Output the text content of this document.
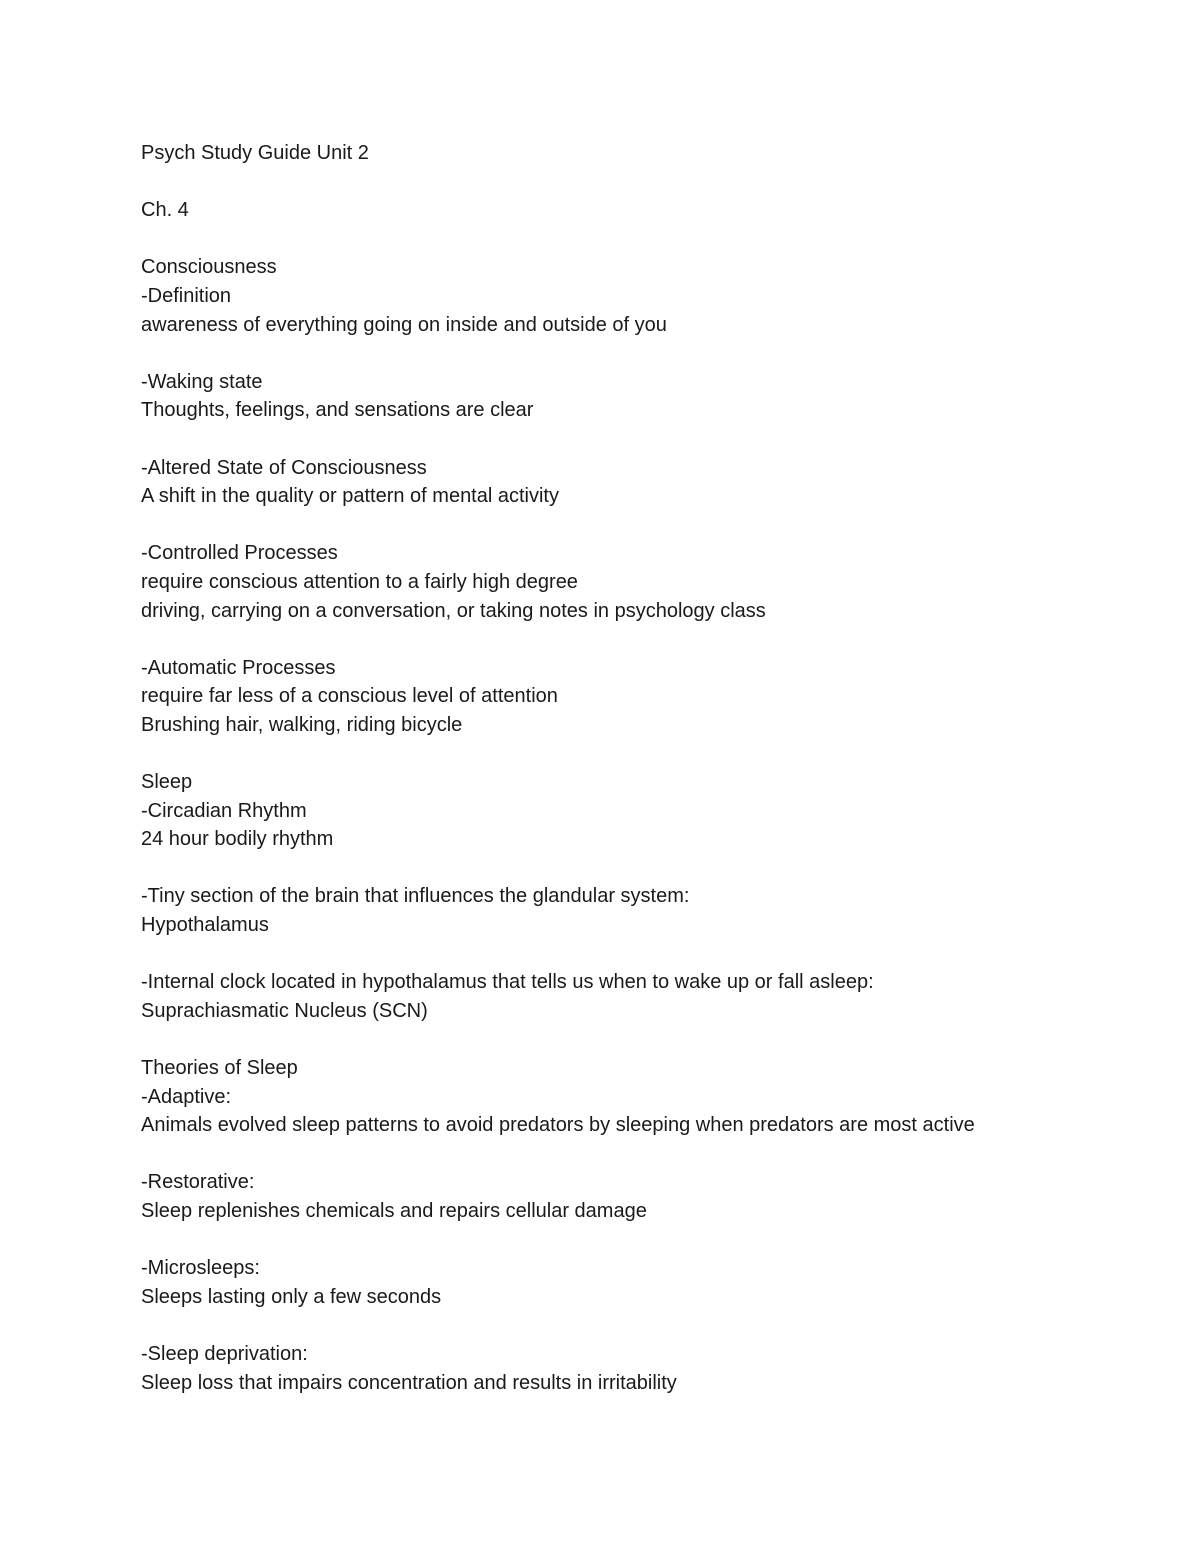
Psych Study Guide Unit 2
Ch. 4
Consciousness
-Definition
awareness of everything going on inside and outside of you
-Waking state
Thoughts, feelings, and sensations are clear
-Altered State of Consciousness
A shift in the quality or pattern of mental activity
-Controlled Processes
require conscious attention to a fairly high degree
driving, carrying on a conversation, or taking notes in psychology class
-Automatic Processes
require far less of a conscious level of attention
Brushing hair, walking, riding bicycle
Sleep
-Circadian Rhythm
24 hour bodily rhythm
-Tiny section of the brain that influences the glandular system:
Hypothalamus
-Internal clock located in hypothalamus that tells us when to wake up or fall asleep:
Suprachiasmatic Nucleus (SCN)
Theories of Sleep
-Adaptive:
Animals evolved sleep patterns to avoid predators by sleeping when predators are most active
-Restorative:
Sleep replenishes chemicals and repairs cellular damage
-Microsleeps:
Sleeps lasting only a few seconds
-Sleep deprivation:
Sleep loss that impairs concentration and results in irritability
